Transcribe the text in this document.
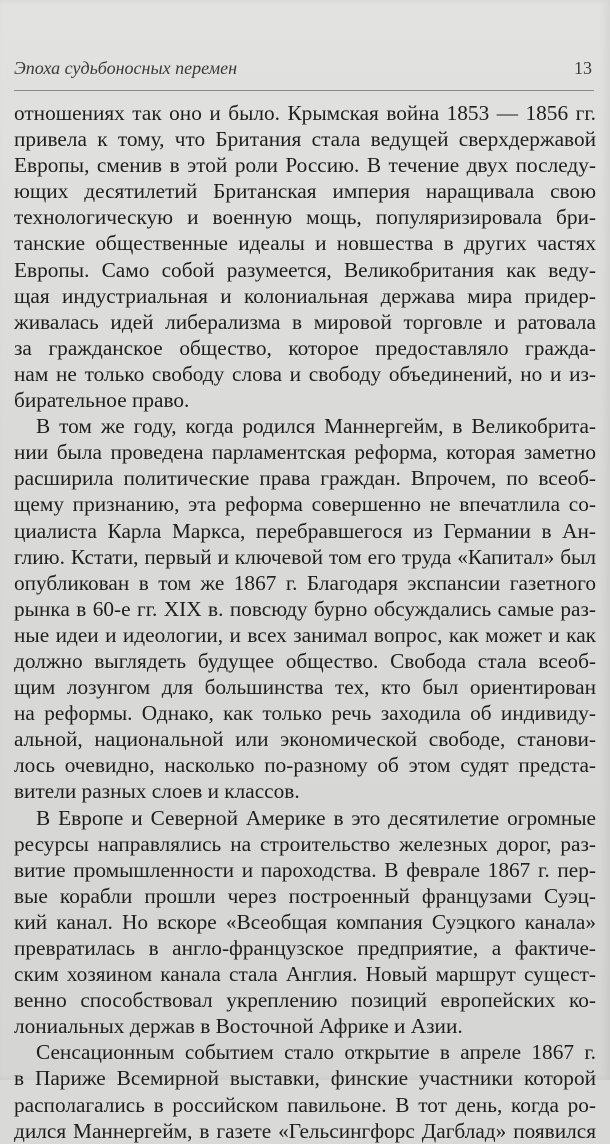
Эпоха судьбоносных перемен	13
отношениях так оно и было. Крымская война 1853 — 1856 гг.
привела к тому, что Британия стала ведущей сверхдержавой
Европы, сменив в этой роли Россию. В течение двух последу-
ющих десятилетий Британская империя наращивала свою
технологическую и военную мощь, популяризировала бри-
танские общественные идеалы и новшества в других частях
Европы. Само собой разумеется, Великобритания как веду-
щая индустриальная и колониальная держава мира придер-
живалась идей либерализма в мировой торговле и ратовала
за гражданское общество, которое предоставляло гражда-
нам не только свободу слова и свободу объединений, но и из-
бирательное право.
В том же году, когда родился Маннергейм, в Великобрита-
нии была проведена парламентская реформа, которая заметно
расширила политические права граждан. Впрочем, по всеоб-
щему признанию, эта реформа совершенно не впечатлила со-
циалиста Карла Маркса, перебравшегося из Германии в Ан-
глию. Кстати, первый и ключевой том его труда «Капитал» был
опубликован в том же 1867 г. Благодаря экспансии газетного
рынка в 60-е гг. XIX в. повсюду бурно обсуждались самые раз-
ные идеи и идеологии, и всех занимал вопрос, как может и как
должно выглядеть будущее общество. Свобода стала всеоб-
щим лозунгом для большинства тех, кто был ориентирован
на реформы. Однако, как только речь заходила об индивиду-
альной, национальной или экономической свободе, станови-
лось очевидно, насколько по-разному об этом судят предста-
вители разных слоев и классов.
В Европе и Северной Америке в это десятилетие огромные
ресурсы направлялись на строительство железных дорог, раз-
витие промышленности и пароходства. В феврале 1867 г. пер-
вые корабли прошли через построенный французами Суэц-
кий канал. Но вскоре «Всеобщая компания Суэцкого канала»
превратилась в англо-французское предприятие, а фактиче-
ским хозяином канала стала Англия. Новый маршрут сущест-
венно способствовал укреплению позиций европейских ко-
лониальных держав в Восточной Африке и Азии.
Сенсационным событием стало открытие в апреле 1867 г.
в Париже Всемирной выставки, финские участники которой
располагались в российском павильоне. В тот день, когда ро-
дился Маннергейм, в газете «Гельсингфорс Дагблад» появился
